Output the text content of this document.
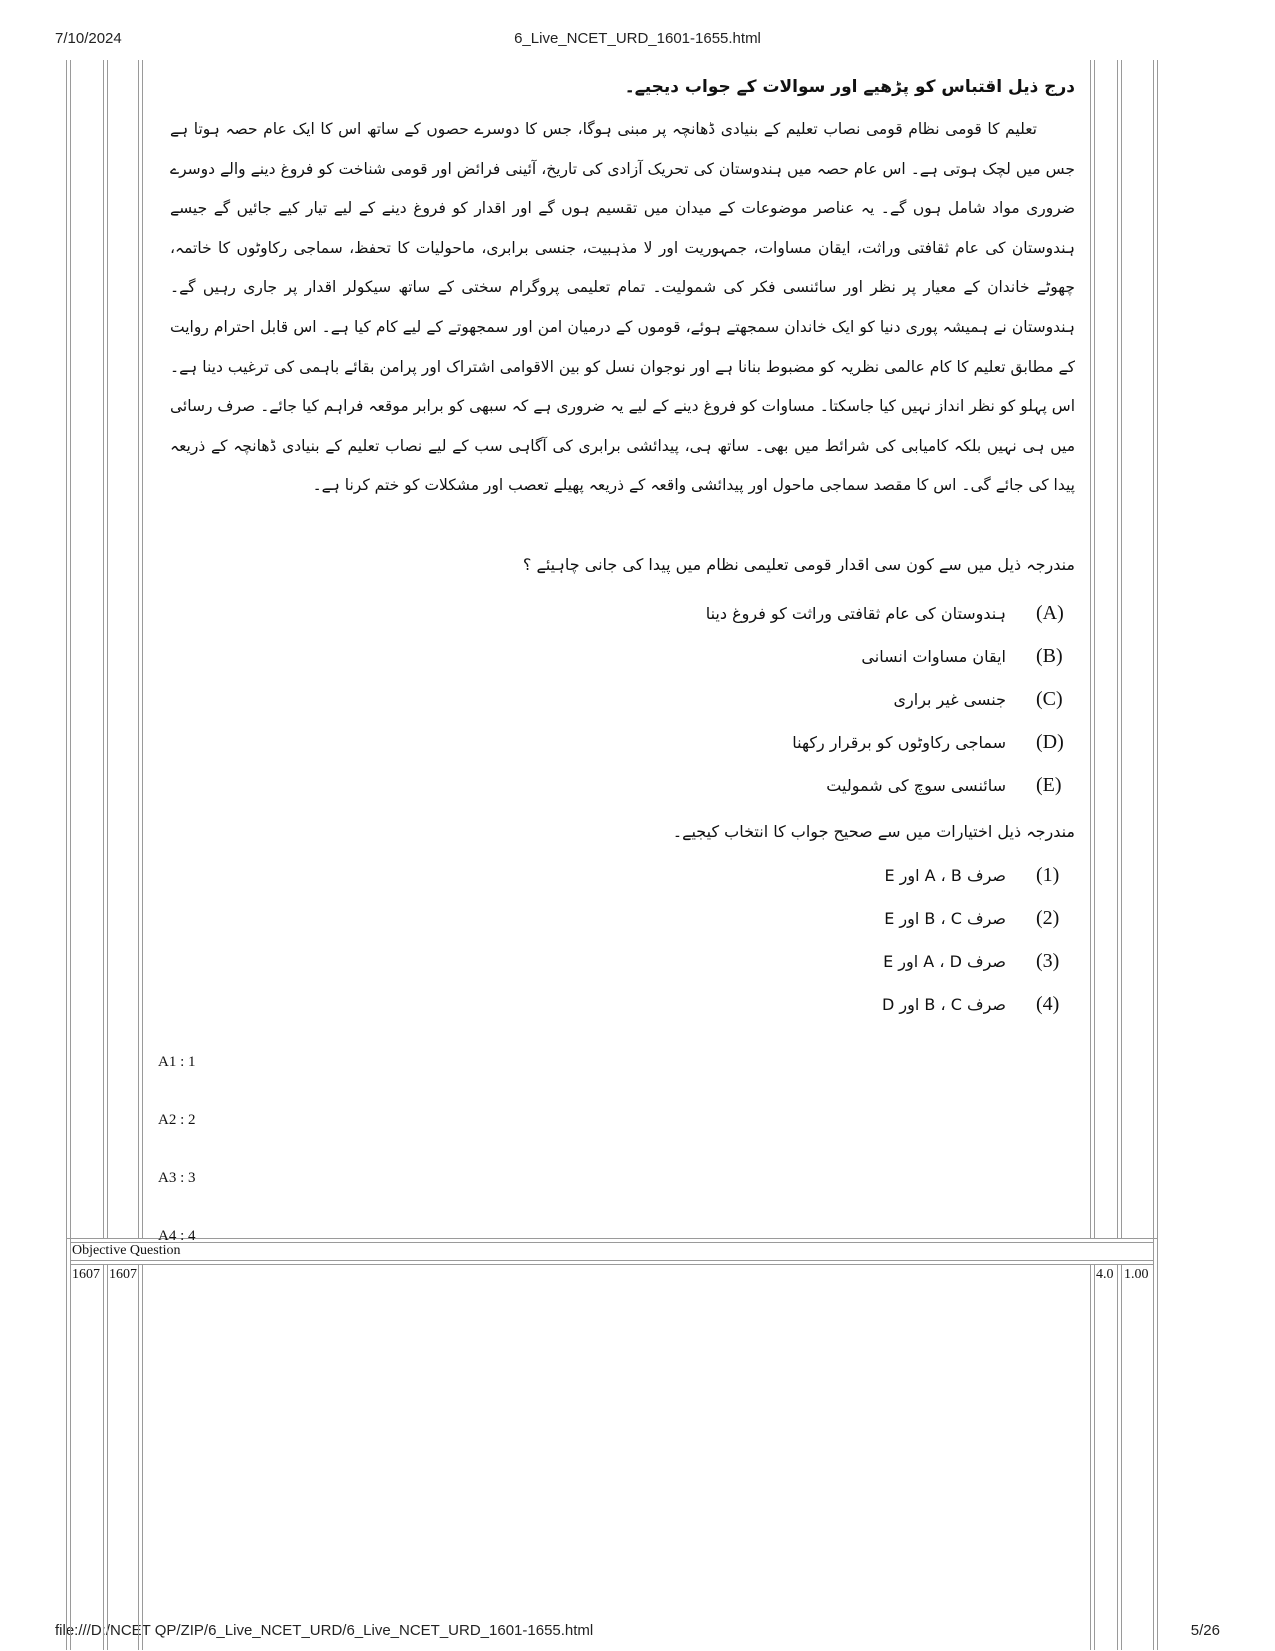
7/10/2024	6_Live_NCET_URD_1601-1655.html
file:///D:/NCET QP/ZIP/6_Live_NCET_URD/6_Live_NCET_URD_1601-1655.html	5/26
درج ذیل اقتباس کو پڑھیے اور سوالات کے جواب دیجیے۔
تعلیم کا قومی نظام قومی نصاب تعلیم کے بنیادی ڈھانچہ پر مبنی ہوگا، جس کا دوسرے حصوں کے ساتھ اس کا ایک عام حصہ ہوتا ہے جس میں لچک ہوتی ہے۔ اس عام حصہ میں ہندوستان کی تحریک آزادی کی تاریخ، آئینی فرائض اور قومی شناخت کو فروغ دینے والے دوسرے ضروری مواد شامل ہوں گے۔ یہ عناصر موضوعات کے میدان میں تقسیم ہوں گے اور اقدار کو فروغ دینے کے لیے تیار کیے جائیں گے جیسے ہندوستان کی عام ثقافتی وراثت، ایقان مساوات، جمہوریت اور لا مذہبیت، جنسی برابری، ماحولیات کا تحفظ، سماجی رکاوٹوں کا خاتمہ، چھوٹے خاندان کے معیار پر نظر اور سائنسی فکر کی شمولیت۔ تمام تعلیمی پروگرام سختی کے ساتھ سیکولر اقدار پر جاری رہیں گے۔ ہندوستان نے ہمیشہ پوری دنیا کو ایک خاندان سمجھتے ہوئے، قوموں کے درمیان امن اور سمجھوتے کے لیے کام کیا ہے۔ اس قابل احترام روایت کے مطابق تعلیم کا کام عالمی نظریہ کو مضبوط بنانا ہے اور نوجوان نسل کو بین الاقوامی اشتراک اور پرامن بقائے باہمی کی ترغیب دینا ہے۔ اس پہلو کو نظر انداز نہیں کیا جاسکتا۔ مساوات کو فروغ دینے کے لیے یہ ضروری ہے کہ سبھی کو برابر موقعہ فراہم کیا جائے۔ صرف رسائی میں ہی نہیں بلکہ کامیابی کی شرائط میں بھی۔ ساتھ ہی، پیدائشی برابری کی آگاہی سب کے لیے نصاب تعلیم کے بنیادی ڈھانچہ کے ذریعہ پیدا کی جائے گی۔ اس کا مقصد سماجی ماحول اور پیدائشی واقعہ کے ذریعہ پھیلے تعصب اور مشکلات کو ختم کرنا ہے۔
مندرجہ ذیل میں سے کون سی اقدار قومی تعلیمی نظام میں پیدا کی جانی چاہیئے ؟
(A)
ہندوستان کی عام ثقافتی وراثت کو فروغ دینا
(B)
ایقان مساوات انسانی
(C)
جنسی غیر براری
(D)
سماجی رکاوٹوں کو برقرار رکھنا
(E)
سائنسی سوچ کی شمولیت
مندرجہ ذیل اختیارات میں سے صحیح جواب کا انتخاب کیجیے۔
(1)
صرف A ، B اور E
(2)
صرف B ، C اور E
(3)
صرف A ، D اور E
(4)
صرف B ، C اور D
A1 : 1
A2 : 2
A3 : 3
A4 : 4
Objective Question
1607 1607	4.0 1.00
